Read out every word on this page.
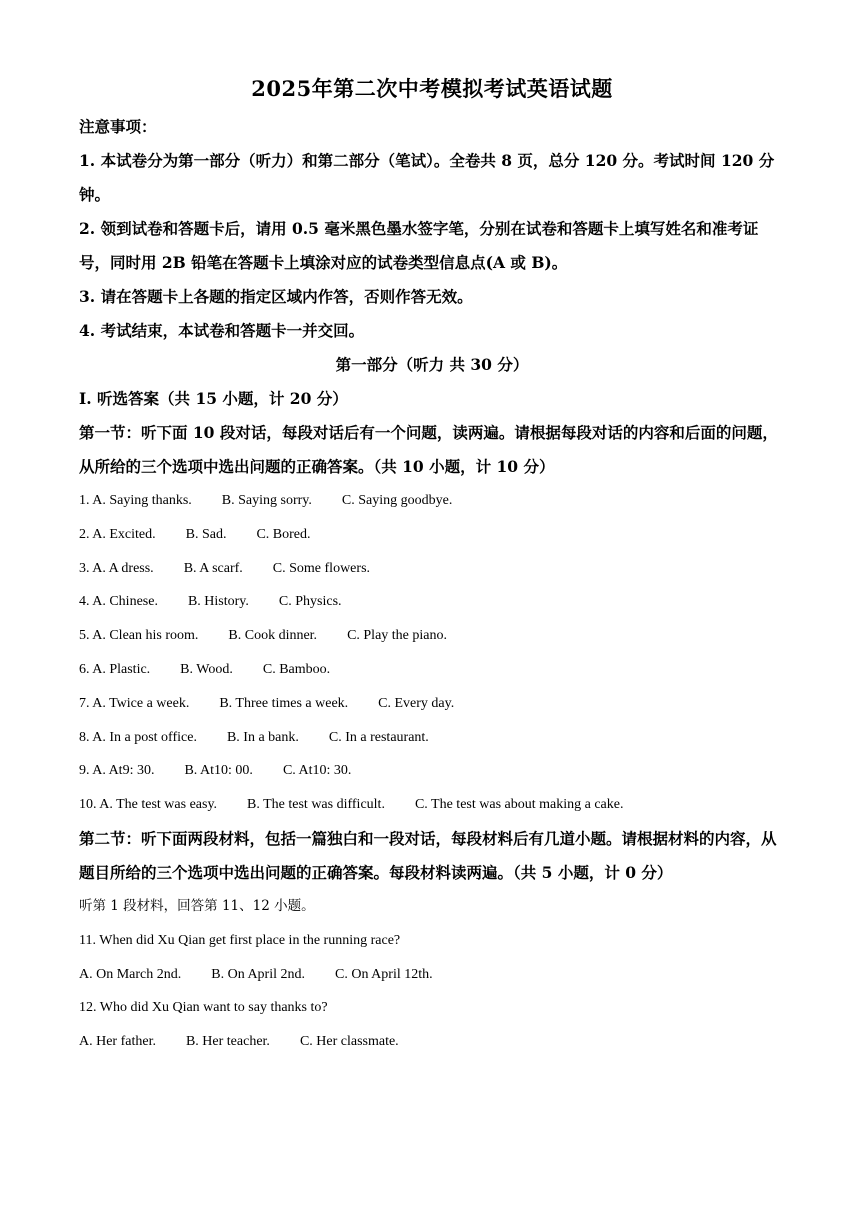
2025年第二次中考模拟考试英语试题
注意事项：
1. 本试卷分为第一部分（听力）和第二部分（笔试）。全卷共 8 页，总分 120 分。考试时间 120 分钟。
2. 领到试卷和答题卡后，请用 0.5 毫米黑色墨水签字笔，分别在试卷和答题卡上填写姓名和准考证号，同时用 2B 铅笔在答题卡上填涂对应的试卷类型信息点(A 或 B)。
3. 请在答题卡上各题的指定区域内作答，否则作答无效。
4. 考试结束，本试卷和答题卡一并交回。
第一部分（听力 共 30 分）
I. 听选答案（共 15 小题，计 20 分）
第一节：听下面 10 段对话，每段对话后有一个问题，读两遍。请根据每段对话的内容和后面的问题，从所给的三个选项中选出问题的正确答案。（共 10 小题，计 10 分）
1. A. Saying thanks. B. Saying sorry. C. Saying goodbye.
2. A. Excited. B. Sad. C. Bored.
3. A. A dress. B. A scarf. C. Some flowers.
4. A. Chinese. B. History. C. Physics.
5. A. Clean his room. B. Cook dinner. C. Play the piano.
6. A. Plastic. B. Wood. C. Bamboo.
7. A. Twice a week. B. Three times a week. C. Every day.
8. A. In a post office. B. In a bank. C. In a restaurant.
9. A. At9: 30. B. At10: 00. C. At10: 30.
10. A. The test was easy. B. The test was difficult. C. The test was about making a cake.
第二节：听下面两段材料，包括一篇独白和一段对话，每段材料后有几道小题。请根据材料的内容，从题目所给的三个选项中选出问题的正确答案。每段材料读两遍。（共 5 小题，计 0 分）
听第 1 段材料，回答第 11、12 小题。
11. When did Xu Qian get first place in the running race?
A. On March 2nd. B. On April 2nd. C. On April 12th.
12. Who did Xu Qian want to say thanks to?
A. Her father. B. Her teacher. C. Her classmate.
